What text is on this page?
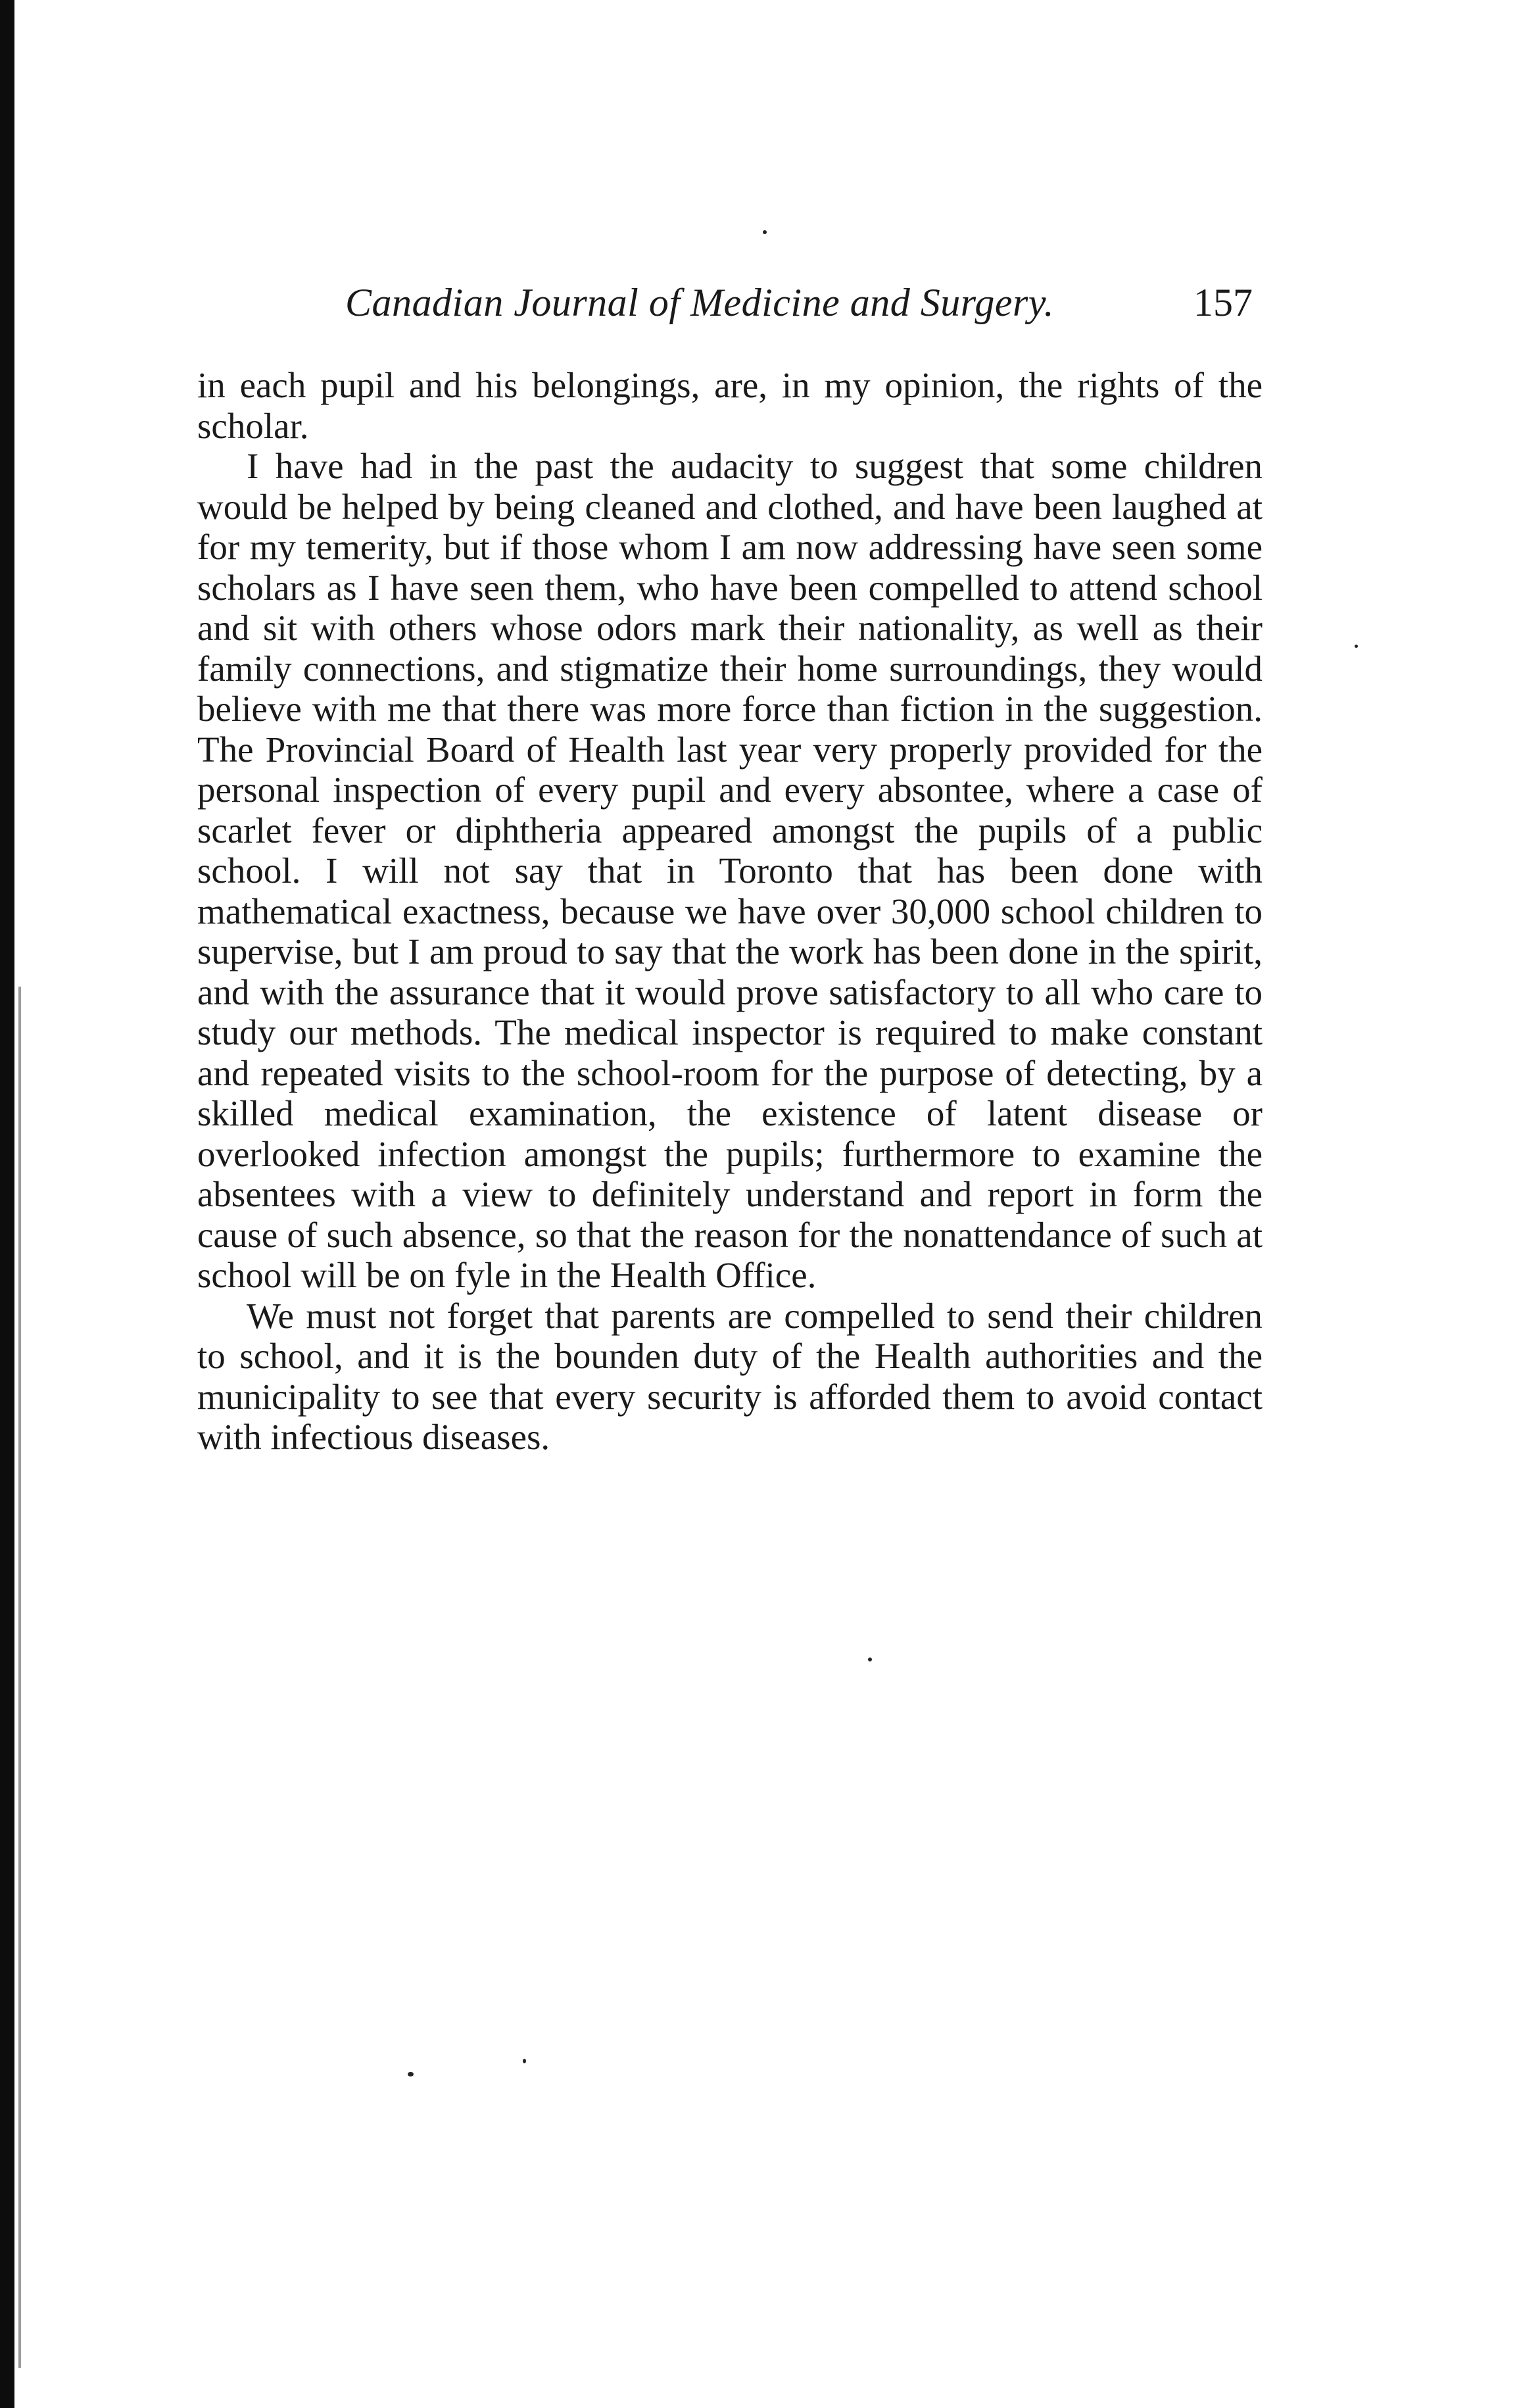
Canadian Journal of Medicine and Surgery.	157

in each pupil and his belongings, are, in my opinion, the rights of the scholar.

I have had in the past the audacity to suggest that some children would be helped by being cleaned and clothed, and have been laughed at for my temerity, but if those whom I am now addressing have seen some scholars as I have seen them, who have been compelled to attend school and sit with others whose odors mark their nationality, as well as their family connections, and stigmatize their home surroundings, they would believe with me that there was more force than fiction in the suggestion. The Provincial Board of Health last year very properly provided for the personal inspection of every pupil and every absontee, where a case of scarlet fever or diphtheria appeared amongst the pupils of a public school. I will not say that in Toronto that has been done with mathematical exactness, because we have over 30,000 school children to supervise, but I am proud to say that the work has been done in the spirit, and with the assurance that it would prove satisfactory to all who care to study our methods. The medical inspector is required to make constant and repeated visits to the school-room for the purpose of detecting, by a skilled medical examination, the existence of latent disease or overlooked infection amongst the pupils; furthermore to examine the absentees with a view to definitely understand and report in form the cause of such absence, so that the reason for the nonattendance of such at school will be on fyle in the Health Office.

We must not forget that parents are compelled to send their children to school, and it is the bounden duty of the Health authorities and the municipality to see that every security is afforded them to avoid contact with infectious diseases.
